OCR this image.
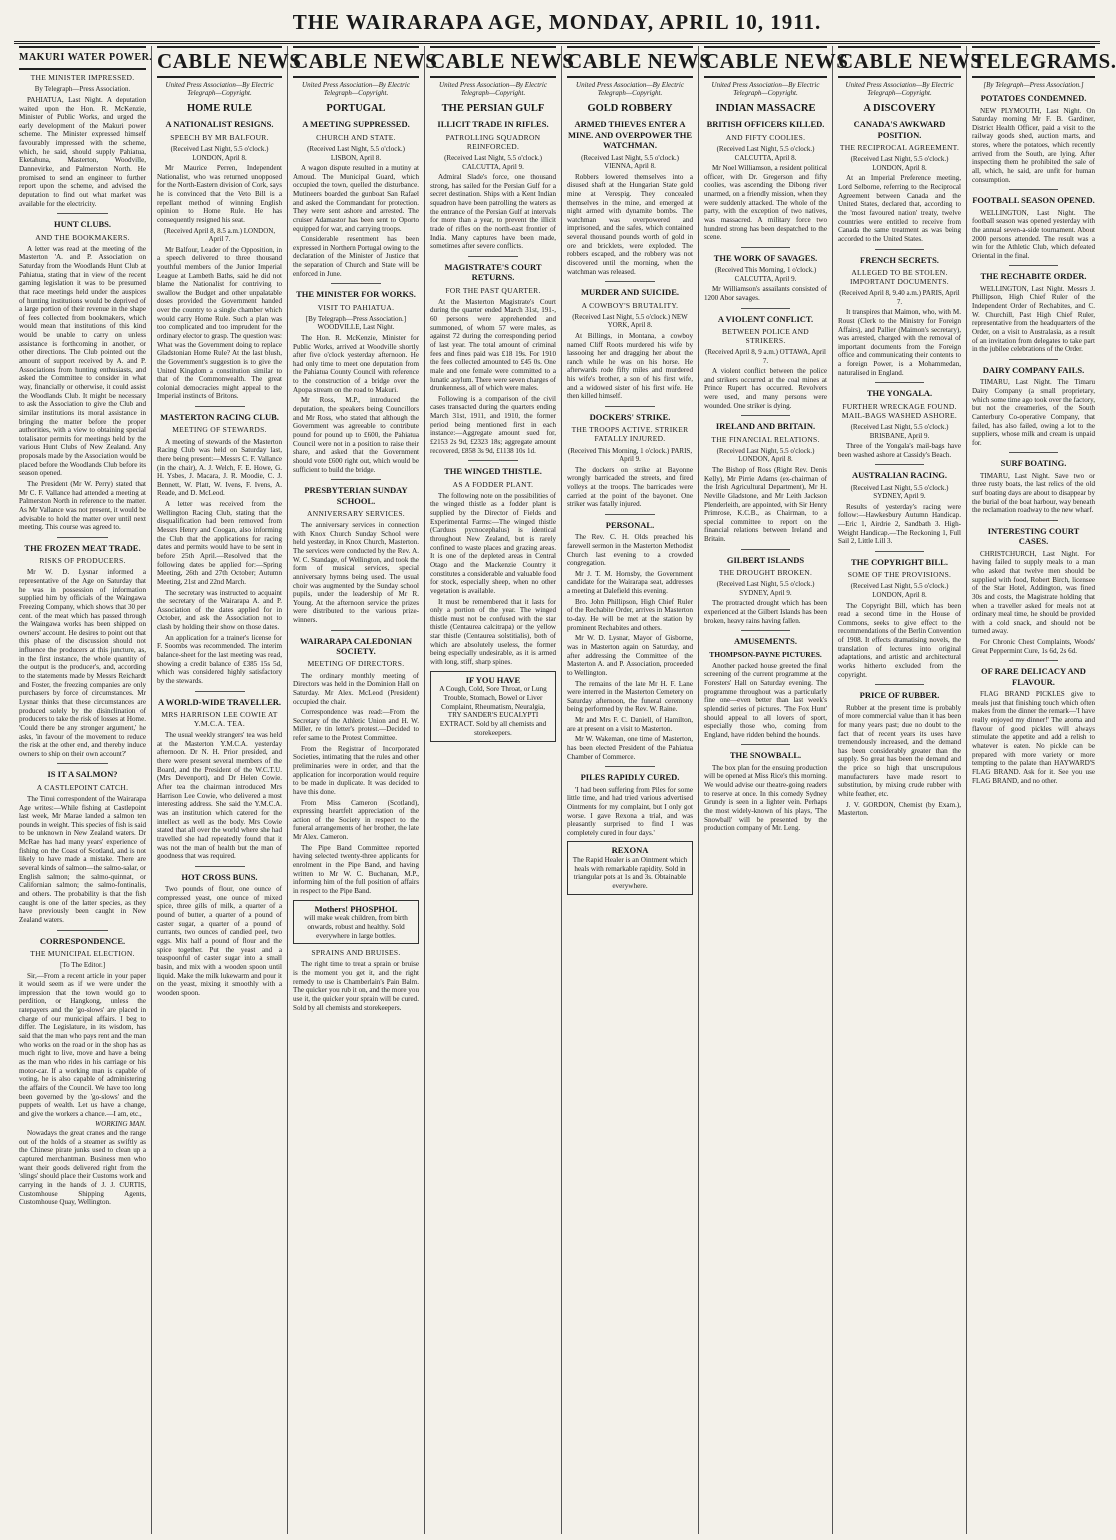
THE WAIRARAPA AGE, MONDAY, APRIL 10, 1911.
MAKURI WATER POWER.
THE MINISTER IMPRESSED.
By Telegraph—Press Association.

PAHIATUA, Last Night. A deputation waited upon the Hon. R. McKenzie, Minister of Public Works, and urged the early development of the Makuri power scheme. The Minister expressed himself favourably impressed with the scheme, which, he said, should supply Pahiatua, Eketahuna, Masterton, Woodville, Dannevirke, and Palmerston North. He promised to send an engineer to further report upon the scheme, and advised the deputation to find out what market was available for the electricity.

HUNT CLUBS.
AND THE BOOKMAKERS.

A letter was read at the meeting of the Masterton 'A. and P. Association on Saturday from the Woodlands Hunt Club at Pahiatua, stating that in view of the recent gaming legislation it was to be presumed that race meetings held under the auspices of hunting institutions would be deprived of a large portion of their revenue in the shape of fees collected from bookmakers, which would mean that institutions of this kind would be unable to carry on unless assistance is forthcoming in another, or other directions. The Club pointed out the amount of support received by A. and P. Associations from hunting enthusiasts, and asked the Committee to consider in what way, financially or otherwise, it could assist the Woodlands Club. It might be necessary to ask the Association to give the Club and similar institutions its moral assistance in bringing the matter before the proper authorities, with a view to obtaining special totalisator permits for meetings held by the various Hunt Clubs of New Zealand. Any proposals made by the Association would be placed before the Woodlands Club before its season opened.

The President (Mr W. Perry) stated that Mr C. F. Vallance had attended a meeting at Palmerston North in reference to the matter. As Mr Vallance was not present, it would be advisable to hold the matter over until next meeting. This course was agreed to.

THE FROZEN MEAT TRADE.
RISKS OF PRODUCERS.

Mr W. D. Lysnar informed a representative of the Age on Saturday that he was in possession of information supplied him by officials of the Waingawa Freezing Company, which shows that 30 per cent. of the meat which has passed through the Waingawa works has been shipped on owners' account. He desires to point out that this phase of the discussion should not influence the producers at this juncture, as, in the first instance, the whole quantity of the output is the producer's, and, according to the statements made by Messrs Reichardt and Foster, the freezing companies are only purchasers by force of circumstances. Mr Lysnar thinks that these circumstances are produced solely by the disinclination of producers to take the risk of losses at Home. 'Could there be any stronger argument,' he asks, 'in favour of the movement to reduce the risk at the other end, and thereby induce owners to ship on their own account?'

IS IT A SALMON?
A CASTLEPOINT CATCH.

The Tinui correspondent of the Wairarapa Age writes:—While fishing at Castlepoint last week, Mr Marae landed a salmon ten pounds in weight. This species of fish is said to be unknown in New Zealand waters. Dr McRae has had many years' experience of fishing on the Coast of Scotland, and is not likely to have made a mistake. There are several kinds of salmon—the salmo-salar, or English salmon; the salmo-quinnat, or Californian salmon; the salmo-fontinalis, and others. The probability is that the fish caught is one of the latter species, as they have previously been caught in New Zealand waters.

CORRESPONDENCE.
THE MUNICIPAL ELECTION.
[To The Editor.]

Sir,—From a recent article in your paper it would seem as if we were under the impression that the town would go to perdition, or Hangkong, unless the ratepayers and the 'go-slows' are placed in charge of our municipal affairs. I beg to differ. The Legislature, in its wisdom, has said that the man who pays rent and the man who works on the road or in the shop has as much right to live, move and have a being as the man who rides in his carriage or his motor-car. If a working man is capable of voting, he is also capable of administering the affairs of the Council. We have too long been governed by the 'go-slows' and the puppets of wealth. Let us have a change, and give the workers a chance.—I am, etc.,

WORKING MAN.

Nowadays the great cranes and the range out of the holds of a steamer as swiftly as the Chinese pirate junks used to clean up a captured merchantman. Business men who want their goods delivered right from the 'slings' should place their Customs work and carrying in the hands of J. J. CURTIS, Customhouse Shipping Agents, Customhouse Quay, Wellington.

CABLE NEWS
United Press Association—By Electric Telegraph—Copyright.
HOME RULE
A NATIONALIST RESIGNS.
SPEECH BY MR BALFOUR.
(Received Last Night, 5.5 o'clock.) LONDON, April 8.

Mr Maurice Perren, Independent Nationalist, who was returned unopposed for the North-Eastern division of Cork, says he is convinced that the Veto Bill is a repellant method of winning English opinion to Home Rule. He has consequently resigned his seat.

(Received April 8, 8.5 a.m.) LONDON, April 7.

Mr Balfour, Leader of the Opposition, in a speech delivered to three thousand youthful members of the Junior Imperial League at Lambeth Baths, said he did not blame the Nationalist for contriving to swallow the Budget and other unpalatable doses provided the Government handed over the country to a single chamber which would carry Home Rule. Such a plan was too complicated and too imprudent for the ordinary elector to grasp. The question was: What was the Government doing to replace Gladstonian Home Rule? At the last blush, the Government's suggestion is to give the United Kingdom a constitution similar to that of the Commonwealth. The great colonial democracies might appeal to the Imperial instincts of Britons.

MASTERTON RACING CLUB.
MEETING OF STEWARDS.

A meeting of stewards of the Masterton Racing Club was held on Saturday last, there being present:—Messrs C. F. Vallance (in the chair), A. J. Welch, F. E. Howe, G. H. Ysbes, J. Macara, J. R. Moodie, C. J. Bennett, W. Platt, W. Ivens, F. Ivens, A. Reade, and D. McLeod.

A letter was received from the Wellington Racing Club, stating that the disqualification had been removed from Messrs Henry and Coogan, also informing the Club that the applications for racing dates and permits would have to be sent in before 25th April.—Resolved that the following dates be applied for:—Spring Meeting, 26th and 27th October; Autumn Meeting, 21st and 22nd March.

The secretary was instructed to acquaint the secretary of the Wairarapa A. and P. Association of the dates applied for in October, and ask the Association not to clash by holding their show on those dates.

An application for a trainer's license for F. Soombs was recommended. The interim balance-sheet for the last meeting was read, showing a credit balance of £385 15s 5d, which was considered highly satisfactory by the stewards.

A WORLD-WIDE TRAVELLER.
MRS HARRISON LEE COWIE AT Y.M.C.A. TEA.

The usual weekly strangers' tea was held at the Masterton Y.M.C.A. yesterday afternoon. Dr N. H. Prior presided, and there were present several members of the Board, and the President of the W.C.T.U. (Mrs Devenport), and Dr Helen Cowie. After tea the chairman introduced Mrs Harrison Lee Cowie, who delivered a most interesting address. She said the Y.M.C.A. was an institution which catered for the intellect as well as the body. Mrs Cowie stated that all over the world where she had travelled she had repeatedly found that it was not the man of health but the man of goodness that was required.

HOT CROSS BUNS.

Two pounds of flour, one ounce of compressed yeast, one ounce of mixed spice, three gills of milk, a quarter of a pound of butter, a quarter of a pound of caster sugar, a quarter of a pound of currants, two ounces of candied peel, two eggs. Mix half a pound of flour and the spice together. Put the yeast and a teaspoonful of caster sugar into a small basin, and mix with a wooden spoon until liquid. Make the milk lukewarm and pour it on the yeast, mixing it smoothly with a wooden spoon.

CABLE NEWS
United Press Association—By Electric Telegraph—Copyright.
PORTUGAL
A MEETING SUPPRESSED.
CHURCH AND STATE.
(Received Last Night, 5.5 o'clock.) LISBON, April 8.

A wagon dispute resulted in a mutiny at Amoud. The Municipal Guard, which occupied the town, quelled the disturbance. Mutineers boarded the gunboat San Rafael and asked the Commandant for protection. They were sent ashore and arrested. The cruiser Adamastor has been sent to Oporto equipped for war, and carrying troops.

Considerable resentment has been expressed in Northern Portugal owing to the declaration of the Minister of Justice that the separation of Church and State will be enforced in June.

THE MINISTER FOR WORKS.
VISIT TO PAHIATUA.
[By Telegraph—Press Association.] WOODVILLE, Last Night.

The Hon. R. McKenzie, Minister for Public Works, arrived at Woodville shortly after five o'clock yesterday afternoon. He had only time to meet one deputation from the Pahiatua County Council with reference to the construction of a bridge over the Apopa stream on the road to Makuri.

Mr Ross, M.P., introduced the deputation, the speakers being Councillors and Mr Ross, who stated that although the Government was agreeable to contribute pound for pound up to £600, the Pahiatua Council were not in a position to raise their share, and asked that the Government should vote £600 right out, which would be sufficient to build the bridge.

PRESBYTERIAN SUNDAY SCHOOL.
ANNIVERSARY SERVICES.

The anniversary services in connection with Knox Church Sunday School were held yesterday, in Knox Church, Masterton. The services were conducted by the Rev. A. W. C. Standage, of Wellington, and took the form of musical services, special anniversary hymns being used. The usual choir was augmented by the Sunday school pupils, under the leadership of Mr R. Young. At the afternoon service the prizes were distributed to the various prize-winners.

WAIRARAPA CALEDONIAN SOCIETY.
MEETING OF DIRECTORS.

The ordinary monthly meeting of Directors was held in the Dominion Hall on Saturday. Mr Alex. McLeod (President) occupied the chair.

Correspondence was read:—From the Secretary of the Athletic Union and H. W. Miller, re tin letter's protest.—Decided to refer same to the Protest Committee.

From the Registrar of Incorporated Societies, intimating that the rules and other preliminaries were in order, and that the application for incorporation would require to be made in duplicate. It was decided to have this done.

From Miss Cameron (Scotland), expressing heartfelt appreciation of the action of the Society in respect to the funeral arrangements of her brother, the late Mr Alex. Cameron.

The Pipe Band Committee reported having selected twenty-three applicants for enrolment in the Pipe Band, and having written to Mr W. C. Buchanan, M.P., informing him of the full position of affairs in respect to the Pipe Band.

Mothers! PHOSPHOL
will make weak children, from birth onwards, robust and healthy. Sold everywhere in large bottles.
SPRAINS AND BRUISES.

The right time to treat a sprain or bruise is the moment you get it, and the right remedy to use is Chamberlain's Pain Balm. The quicker you rub it on, and the more you use it, the quicker your sprain will be cured. Sold by all chemists and storekeepers.

CABLE NEWS
United Press Association—By Electric Telegraph—Copyright.
THE PERSIAN GULF
ILLICIT TRADE IN RIFLES.
PATROLLING SQUADRON REINFORCED.
(Received Last Night, 5.5 o'clock.) CALCUTTA, April 9.

Admiral Slade's force, one thousand strong, has sailed for the Persian Gulf for a secret destination. Ships with a Kent Indian squadron have been patrolling the waters as the entrance of the Persian Gulf at intervals for more than a year, to prevent the illicit trade of rifles on the north-east frontier of India. Many captures have been made, sometimes after severe conflicts.

MAGISTRATE'S COURT RETURNS.
FOR THE PAST QUARTER.

At the Masterton Magistrate's Court during the quarter ended March 31st, 191-, 60 persons were apprehended and summoned, of whom 57 were males, as against 72 during the corresponding period of last year. The total amount of criminal fees and fines paid was £18 19s. For 1910 the fees collected amounted to £45 0s. One male and one female were committed to a lunatic asylum. There were seven charges of drunkenness, all of which were males.

Following is a comparison of the civil cases transacted during the quarters ending March 31st, 1911, and 1910, the former period being mentioned first in each instance:—Aggregate amount sued for, £2153 2s 9d, £2323 18s; aggregate amount recovered, £858 3s 9d, £1138 10s 1d.

THE WINGED THISTLE.
AS A FODDER PLANT.

The following note on the possibilities of the winged thistle as a fodder plant is supplied by the Director of Fields and Experimental Farms:—The winged thistle (Carduus pycnocephalus) is identical throughout New Zealand, but is rarely confined to waste places and grazing areas. It is one of the depleted areas in Central Otago and the Mackenzie Country it constitutes a considerable and valuable food for stock, especially sheep, when no other vegetation is available.

It must be remembered that it lasts for only a portion of the year. The winged thistle must not be confused with the star thistle (Centaurea calcitrapa) or the yellow star thistle (Centaurea solstitialis), both of which are absolutely useless, the former being especially undesirable, as it is armed with long, stiff, sharp spines.

IF YOU HAVE
A Cough, Cold, Sore Throat, or Lung Trouble, Stomach, Bowel or Liver Complaint, Rheumatism, Neuralgia, TRY SANDER'S EUCALYPTI EXTRACT. Sold by all chemists and storekeepers.
CABLE NEWS
United Press Association—By Electric Telegraph—Copyright.
GOLD ROBBERY
ARMED THIEVES ENTER A MINE. AND OVERPOWER THE WATCHMAN.
(Received Last Night, 5.5 o'clock.) VIENNA, April 8.

Robbers lowered themselves into a disused shaft at the Hungarian State gold mine at Verespig. They concealed themselves in the mine, and emerged at night armed with dynamite bombs. The watchman was overpowered and imprisoned, and the safes, which contained several thousand pounds worth of gold in ore and bricklets, were exploded. The robbers escaped, and the robbery was not discovered until the morning, when the watchman was released.

MURDER AND SUICIDE.
A COWBOY'S BRUTALITY.
(Received Last Night, 5.5 o'clock.) NEW YORK, April 8.

At Billings, in Montana, a cowboy named Cliff Roots murdered his wife by lassooing her and dragging her about the ranch while he was on his horse. He afterwards rode fifty miles and murdered his wife's brother, a son of his first wife, and a widowed sister of his first wife. He then killed himself.

DOCKERS' STRIKE.
THE TROOPS ACTIVE. STRIKER FATALLY INJURED.
(Received This Morning, 1 o'clock.) PARIS, April 9.

The dockers on strike at Bayonne wrongly barricaded the streets, and fired volleys at the troops. The barricades were carried at the point of the bayonet. One striker was fatally injured.

PERSONAL.

The Rev. C. H. Olds preached his farewell sermon in the Masterton Methodist Church last evening to a crowded congregation.

Mr J. T. M. Hornsby, the Government candidate for the Wairarapa seat, addresses a meeting at Dalefield this evening.

Bro. John Phillipson, High Chief Ruler of the Rechabite Order, arrives in Masterton to-day. He will be met at the station by prominent Rechabites and others.

Mr W. D. Lysnar, Mayor of Gisborne, was in Masterton again on Saturday, and after addressing the Committee of the Masterton A. and P. Association, proceeded to Wellington.

The remains of the late Mr H. F. Lane were interred in the Masterton Cemetery on Saturday afternoon, the funeral ceremony being performed by the Rev. W. Raine.

Mr and Mrs F. C. Daniell, of Hamilton, are at present on a visit to Masterton.

Mr W. Wakeman, one time of Masterton, has been elected President of the Pahiatua Chamber of Commerce.

PILES RAPIDLY CURED.

'I had been suffering from Piles for some little time, and had tried various advertised Ointments for my complaint, but I only got worse. I gave Rexona a trial, and was pleasantly surprised to find I was completely cured in four days.'

REXONA
The Rapid Healer is an Ointment which heals with remarkable rapidity. Sold in triangular pots at 1s and 3s. Obtainable everywhere.
CABLE NEWS
United Press Association—By Electric Telegraph—Copyright.
INDIAN MASSACRE
BRITISH OFFICERS KILLED.
AND FIFTY COOLIES.
(Received Last Night, 5.5 o'clock.) CALCUTTA, April 8.

Mr Noel Williamson, a resident political officer, with Dr. Gregerson and fifty coolies, was ascending the Dibong river unarmed, on a friendly mission, when they were suddenly attacked. The whole of the party, with the exception of two natives, was massacred. A military force two hundred strong has been despatched to the scene.

THE WORK OF SAVAGES.
(Received This Morning, 1 o'clock.) CALCUTTA, April 9.

Mr Williamson's assailants consisted of 1200 Abor savages.

A VIOLENT CONFLICT.
BETWEEN POLICE AND STRIKERS.
(Received April 8, 9 a.m.) OTTAWA, April 7.

A violent conflict between the police and strikers occurred at the coal mines at Prince Rupert has occurred. Revolvers were used, and many persons were wounded. One striker is dying.

IRELAND AND BRITAIN.
THE FINANCIAL RELATIONS.
(Received Last Night, 5.5 o'clock.) LONDON, April 8.

The Bishop of Ross (Right Rev. Denis Kelly), Mr Pirrie Adams (ex-chairman of the Irish Agricultural Department), Mr H. Neville Gladstone, and Mr Leith Jackson Plenderleith, are appointed, with Sir Henry Primrose, K.C.B., as Chairman, to a special committee to report on the financial relations between Ireland and Britain.

GILBERT ISLANDS
THE DROUGHT BROKEN.
(Received Last Night, 5.5 o'clock.) SYDNEY, April 9.

The protracted drought which has been experienced at the Gilbert Islands has been broken, heavy rains having fallen.

AMUSEMENTS.
THOMPSON-PAYNE PICTURES.

Another packed house greeted the final screening of the current programme at the Foresters' Hall on Saturday evening. The programme throughout was a particularly fine one—even better than last week's splendid series of pictures. 'The Fox Hunt' should appeal to all lovers of sport, especially those who, coming from England, have ridden behind the hounds.

THE SNOWBALL.

The box plan for the ensuing production will be opened at Miss Rice's this morning. We would advise our theatre-going readers to reserve at once. In this comedy Sydney Grundy is seen in a lighter vein. Perhaps the most widely-known of his plays, 'The Snowball' will be presented by the production company of Mr. Leng.

CABLE NEWS
United Press Association—By Electric Telegraph—Copyright.
A DISCOVERY
CANADA'S AWKWARD POSITION.
THE RECIPROCAL AGREEMENT.
(Received Last Night, 5.5 o'clock.) LONDON, April 8.

At an Imperial Preference meeting, Lord Selborne, referring to the Reciprocal Agreement between Canada and the United States, declared that, according to the 'most favoured nation' treaty, twelve countries were entitled to receive from Canada the same treatment as was being accorded to the United States.

FRENCH SECRETS.
ALLEGED TO BE STOLEN. IMPORTANT DOCUMENTS.
(Received April 8, 9.40 a.m.) PARIS, April 7.

It transpires that Maimon, who, with M. Roust (Clerk to the Ministry for Foreign Affairs), and Pallier (Maimon's secretary), was arrested, charged with the removal of important documents from the Foreign office and communicating their contents to a foreign Power, is a Mohammedan, naturalised in England.

THE YONGALA.
FURTHER WRECKAGE FOUND. MAIL-BAGS WASHED ASHORE.
(Received Last Night, 5.5 o'clock.) BRISBANE, April 9.

Three of the Yongala's mail-bags have been washed ashore at Cassidy's Beach.

AUSTRALIAN RACING.
(Received Last Night, 5.5 o'clock.) SYDNEY, April 9.

Results of yesterday's racing were follow:—Hawkesbury Autumn Handicap.—Eric 1, Airdrie 2, Sandbath 3. High-Weight Handicap.—The Reckoning 1, Full Sail 2, Little Lill 3.

THE COPYRIGHT BILL.
SOME OF THE PROVISIONS.
(Received Last Night, 5.5 o'clock.) LONDON, April 8.

The Copyright Bill, which has been read a second time in the House of Commons, seeks to give effect to the recommendations of the Berlin Convention of 1908. It effects dramatising novels, the translation of lectures into original adaptations, and artistic and architectural works hitherto excluded from the copyright.

PRICE OF RUBBER.

Rubber at the present time is probably of more commercial value than it has been for many years past; due no doubt to the fact that of recent years its uses have tremendously increased, and the demand has been considerably greater than the supply. So great has been the demand and the price so high that unscrupulous manufacturers have made resort to substitution, by mixing crude rubber with white feather, etc.

J. V. GORDON, Chemist (by Exam.), Masterton.

TELEGRAMS.
[By Telegraph—Press Association.]
POTATOES CONDEMNED.

NEW PLYMOUTH, Last Night. On Saturday morning Mr F. B. Gardiner, District Health Officer, paid a visit to the railway goods shed, auction marts, and stores, where the potatoes, which recently arrived from the South, are lying. After inspecting them he prohibited the sale of all, which, he said, are unfit for human consumption.

FOOTBALL SEASON OPENED.

WELLINGTON, Last Night. The football season was opened yesterday with the annual seven-a-side tournament. About 2000 persons attended. The result was a win for the Athletic Club, which defeated Oriental in the final.

THE RECHABITE ORDER.

WELLINGTON, Last Night. Messrs J. Phillipson, High Chief Ruler of the Independent Order of Rechabites, and C. W. Churchill, Past High Chief Ruler, representative from the headquarters of the Order, on a visit to Australasia, as a result of an invitation from delegates to take part in the jubilee celebrations of the Order.

DAIRY COMPANY FAILS.

TIMARU, Last Night. The Timaru Dairy Company (a small proprietary, which some time ago took over the factory, but not the creameries, of the South Canterbury Co-operative Company, that failed, has also failed, owing a lot to the suppliers, whose milk and cream is unpaid for.

SURF BOATING.

TIMARU, Last Night. Save two or three rusty boats, the last relics of the old surf boating days are about to disappear by the burial of the boat harbour, way beneath the reclamation roadway to the new wharf.

INTERESTING COURT CASES.

CHRISTCHURCH, Last Night. For having failed to supply meals to a man who asked that twelve men should be supplied with food, Robert Birch, licensee of the Star Hotel, Addington, was fined 30s and costs, the Magistrate holding that when a traveller asked for meals not at ordinary meal time, he should be provided with a cold snack, and should not be turned away.

For Chronic Chest Complaints, Woods' Great Peppermint Cure, 1s 6d, 2s 6d.

OF RARE DELICACY AND FLAVOUR.

FLAG BRAND PICKLES give to meals just that finishing touch which often makes from the dinner the remark—'I have really enjoyed my dinner!' The aroma and flavour of good pickles will always stimulate the appetite and add a relish to whatever is eaten. No pickle can be prepared with more variety or more tempting to the palate than HAYWARD'S FLAG BRAND. Ask for it. See you use FLAG BRAND, and no other.
